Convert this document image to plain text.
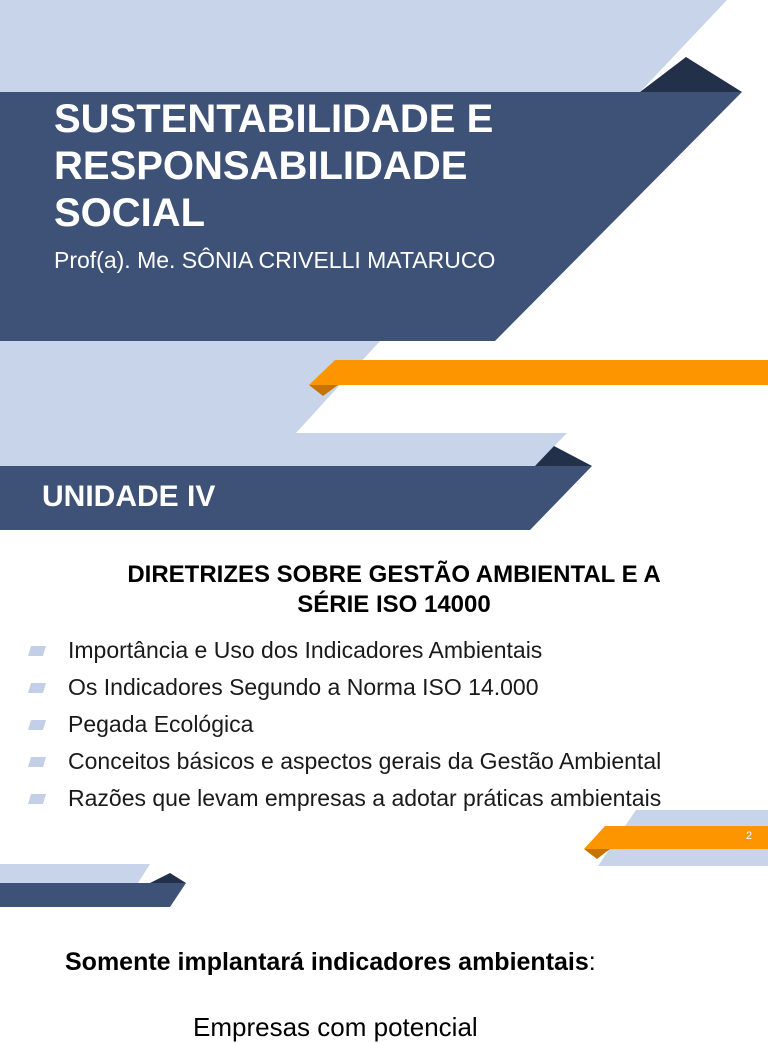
SUSTENTABILIDADE E
RESPONSABILIDADE
SOCIAL
Prof(a). Me. SÔNIA CRIVELLI MATARUCO
UNIDADE IV
DIRETRIZES SOBRE GESTÃO AMBIENTAL E A
SÉRIE ISO 14000
Importância e Uso dos Indicadores Ambientais
Os Indicadores Segundo a Norma ISO 14.000
Pegada Ecológica
Conceitos básicos e aspectos gerais da Gestão Ambiental
Razões que levam empresas a adotar práticas ambientais
2
Somente implantará indicadores ambientais:
Empresas com potencial
